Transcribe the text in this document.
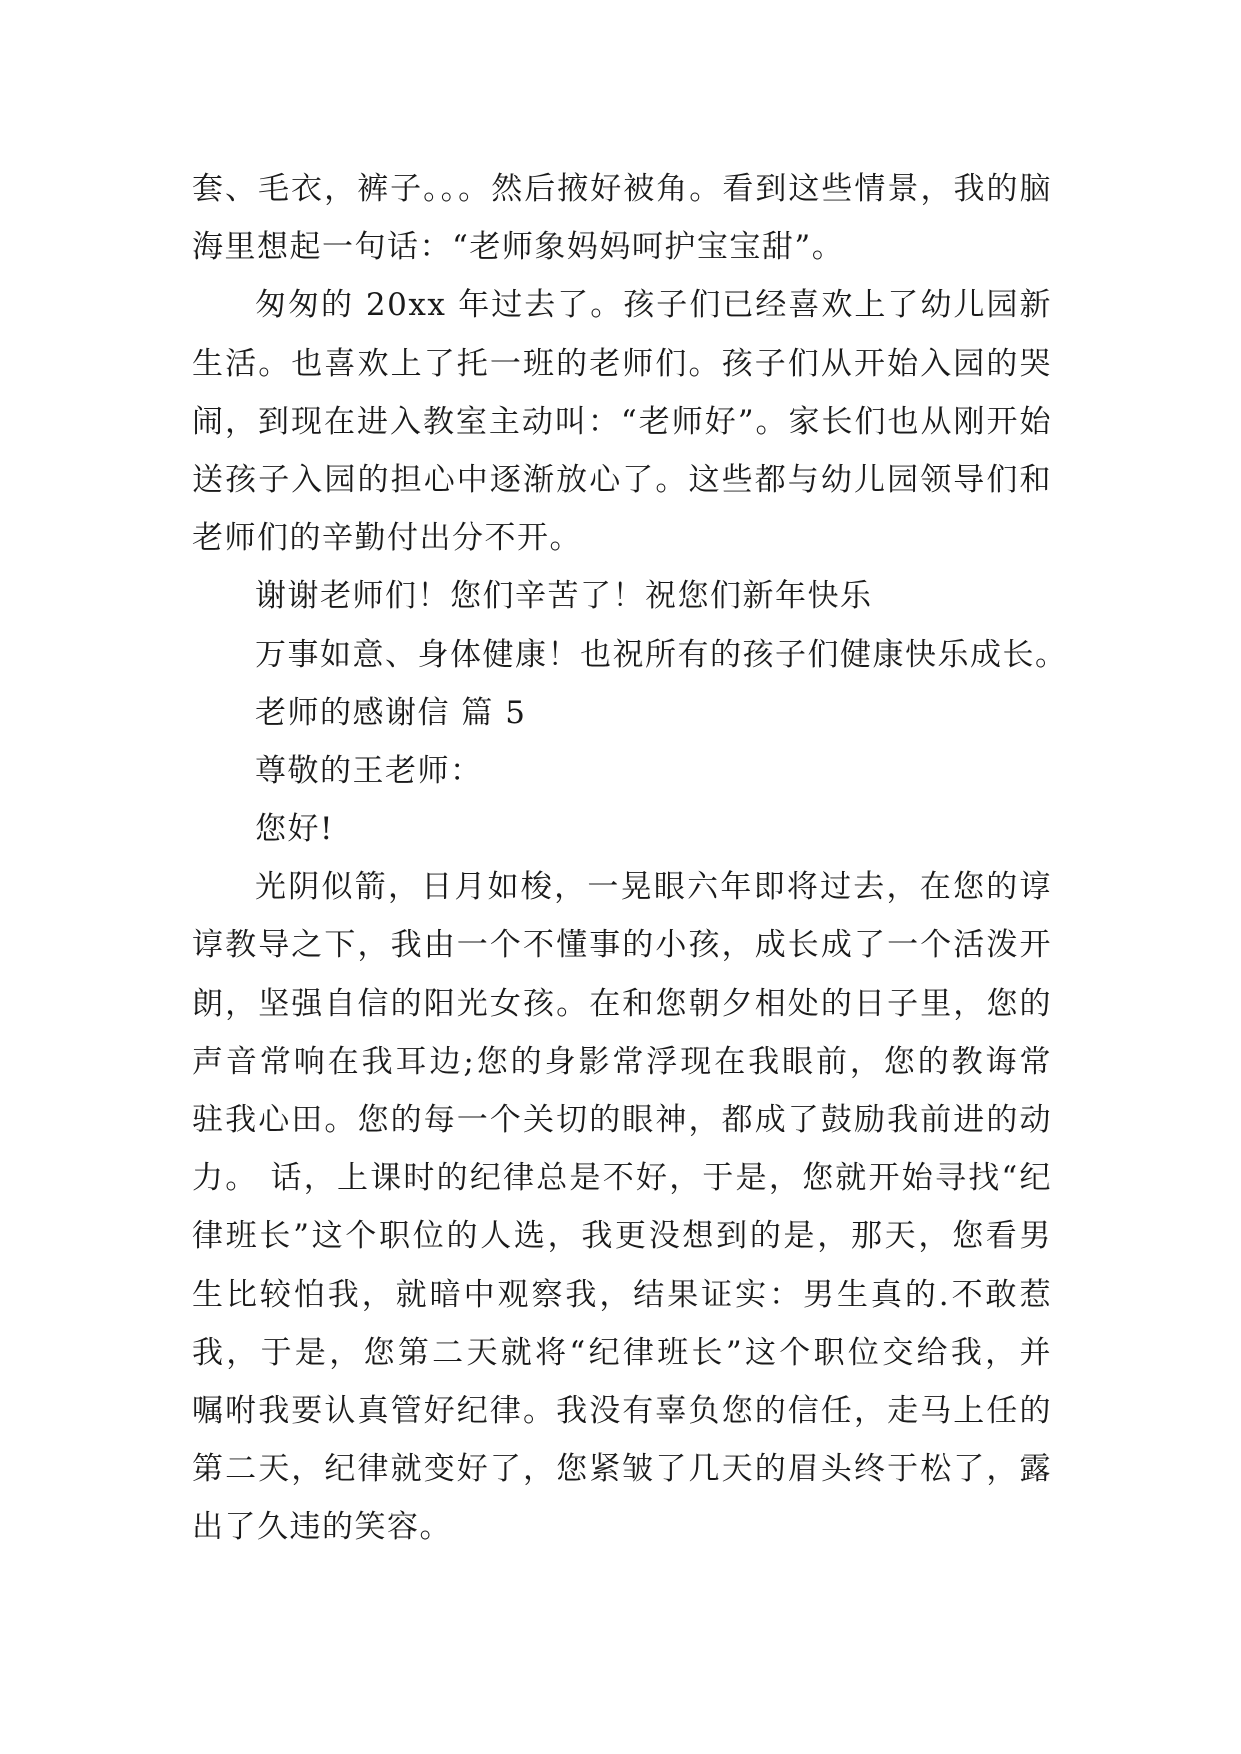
套、毛衣，裤子。。。然后掖好被角。看到这些情景，我的脑
海里想起一句话：“老师象妈妈呵护宝宝甜”。
匆匆的 20xx 年过去了。孩子们已经喜欢上了幼儿园新
生活。也喜欢上了托一班的老师们。孩子们从开始入园的哭
闹，到现在进入教室主动叫：“老师好”。家长们也从刚开始
送孩子入园的担心中逐渐放心了。这些都与幼儿园领导们和
老师们的辛勤付出分不开。
谢谢老师们！您们辛苦了！祝您们新年快乐
万事如意、身体健康！也祝所有的孩子们健康快乐成长。
老师的感谢信 篇 5
尊敬的王老师：
您好!
光阴似箭，日月如梭，一晃眼六年即将过去，在您的谆
谆教导之下，我由一个不懂事的小孩，成长成了一个活泼开
朗，坚强自信的阳光女孩。在和您朝夕相处的日子里，您的
声音常响在我耳边;您的身影常浮现在我眼前，您的教诲常
驻我心田。您的每一个关切的眼神，都成了鼓励我前进的动
力。 话，上课时的纪律总是不好，于是，您就开始寻找“纪
律班长”这个职位的人选，我更没想到的是，那天，您看男
生比较怕我，就暗中观察我，结果证实：男生真的.不敢惹
我，于是，您第二天就将“纪律班长”这个职位交给我，并
嘱咐我要认真管好纪律。我没有辜负您的信任，走马上任的
第二天，纪律就变好了，您紧皱了几天的眉头终于松了，露
出了久违的笑容。
